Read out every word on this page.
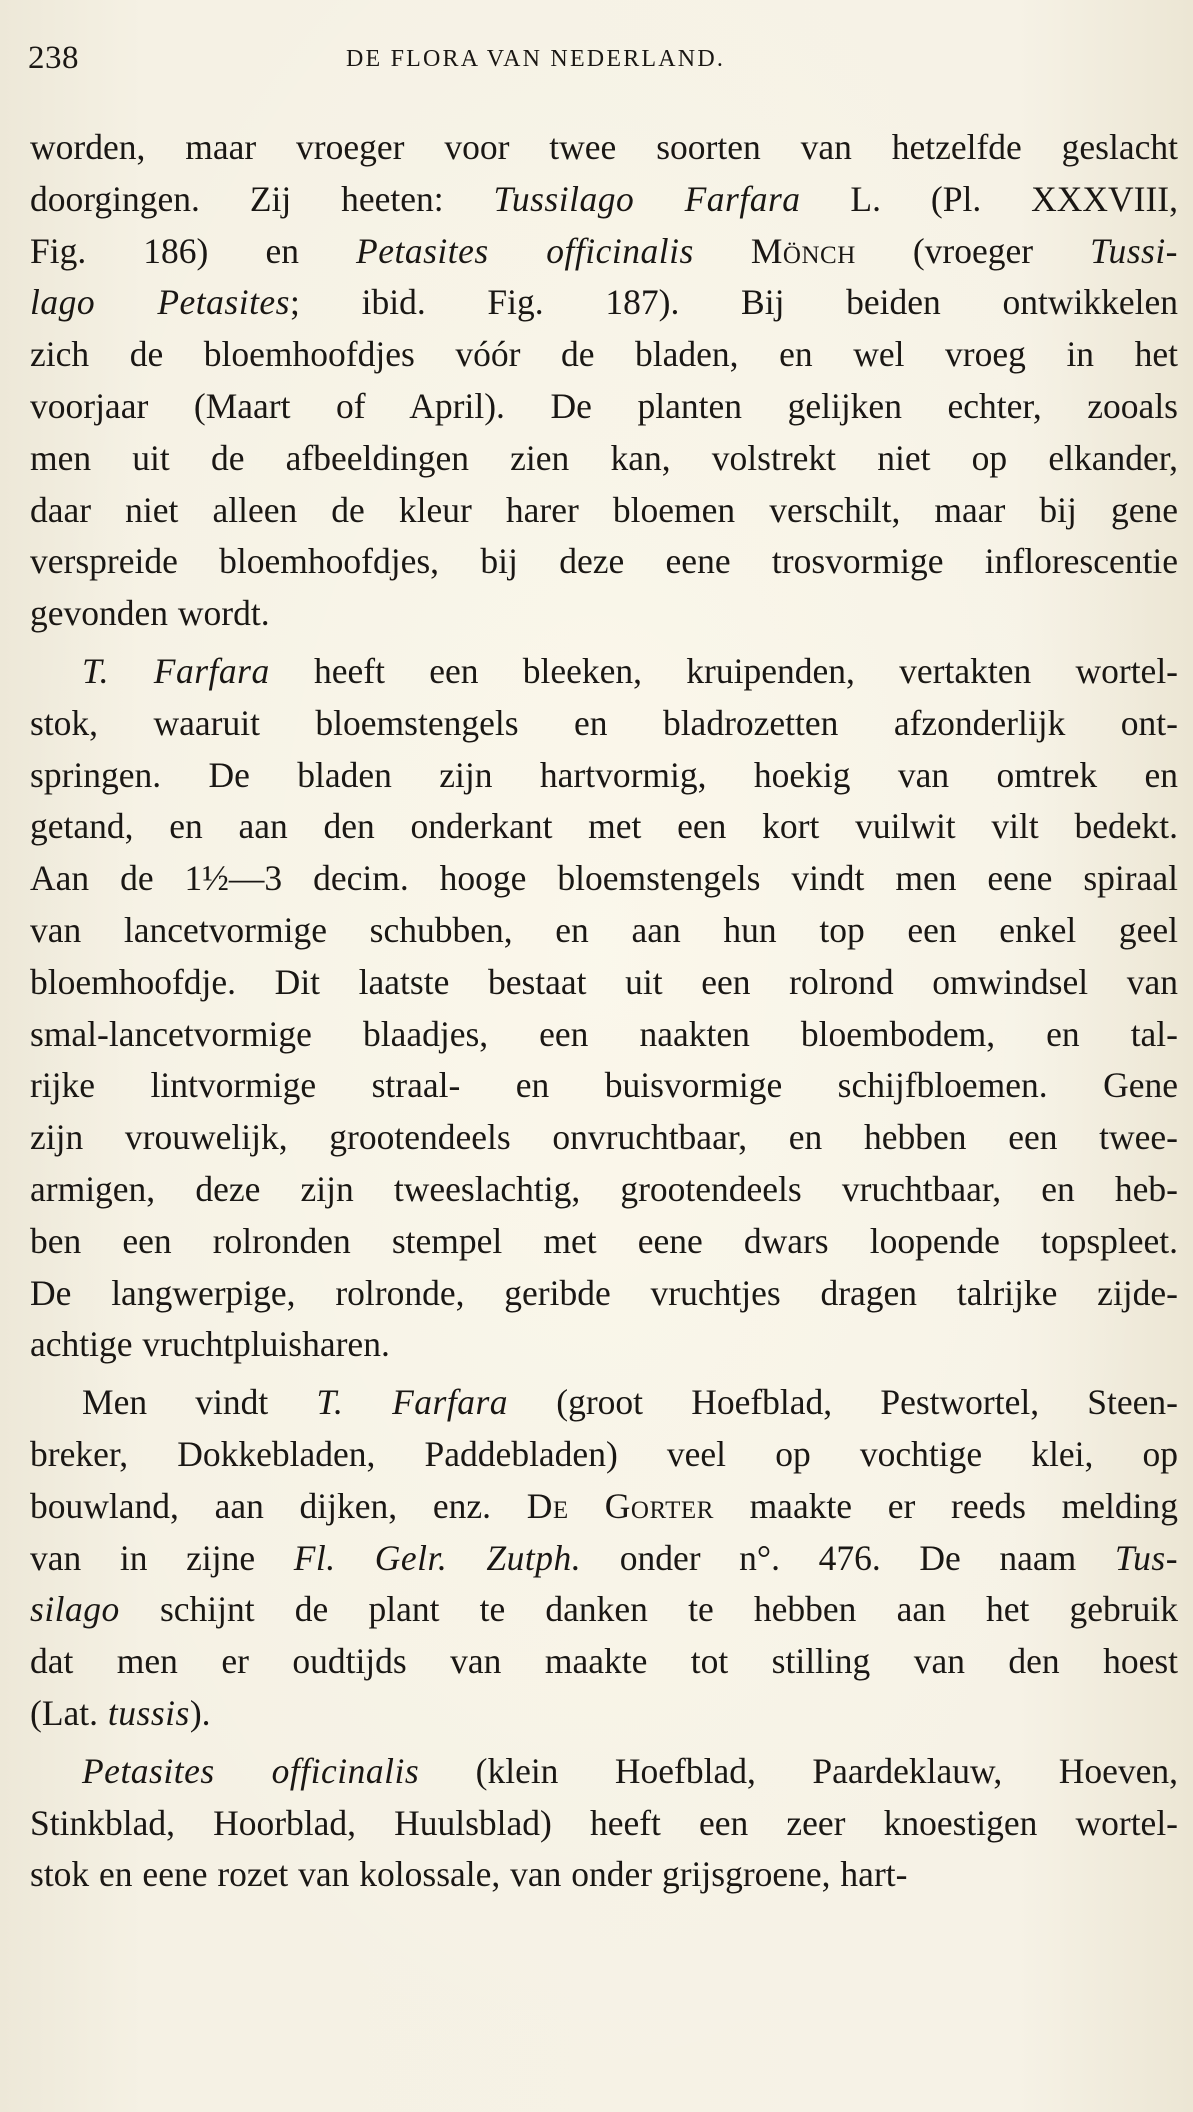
238	DE FLORA VAN NEDERLAND.
worden, maar vroeger voor twee soorten van hetzelfde geslacht
doorgingen. Zij heeten: Tussilago Farfara L. (Pl. XXXVIII,
Fig. 186) en Petasites officinalis Mönch (vroeger Tussi-
lago Petasites; ibid. Fig. 187). Bij beiden ontwikkelen
zich de bloemhoofdjes vóór de bladen, en wel vroeg in het
voorjaar (Maart of April). De planten gelijken echter, zooals
men uit de afbeeldingen zien kan, volstrekt niet op elkander,
daar niet alleen de kleur harer bloemen verschilt, maar bij gene
verspreide bloemhoofdjes, bij deze eene trosvormige inflorescentie
gevonden wordt.
T. Farfara heeft een bleeken, kruipenden, vertakten wortel-
stok, waaruit bloemstengels en bladrozetten afzonderlijk ont-
springen. De bladen zijn hartvormig, hoekig van omtrek en
getand, en aan den onderkant met een kort vuilwit vilt bedekt.
Aan de 1½—3 decim. hooge bloemstengels vindt men eene spiraal
van lancetvormige schubben, en aan hun top een enkel geel
bloemhoofdje. Dit laatste bestaat uit een rolrond omwindsel van
smal-lancetvormige blaadjes, een naakten bloembodem, en tal-
rijke lintvormige straal- en buisvormige schijfbloemen. Gene
zijn vrouwelijk, grootendeels onvruchtbaar, en hebben een twee-
armigen, deze zijn tweeslachtig, grootendeels vruchtbaar, en heb-
ben een rolronden stempel met eene dwars loopende topspleet.
De langwerpige, rolronde, geribde vruchtjes dragen talrijke zijde-
achtige vruchtpluisharen.
Men vindt T. Farfara (groot Hoefblad, Pestwortel, Steen-
breker, Dokkebladen, Paddebladen) veel op vochtige klei, op
bouwland, aan dijken, enz. De Gorter maakte er reeds melding
van in zijne Fl. Gelr. Zutph. onder n°. 476. De naam Tus-
silago schijnt de plant te danken te hebben aan het gebruik
dat men er oudtijds van maakte tot stilling van den hoest
(Lat. tussis).
Petasites officinalis (klein Hoefblad, Paardeklauw, Hoeven,
Stinkblad, Hoorblad, Huulsblad) heeft een zeer knoestigen wortel-
stok en eene rozet van kolossale, van onder grijsgroene, hart-
